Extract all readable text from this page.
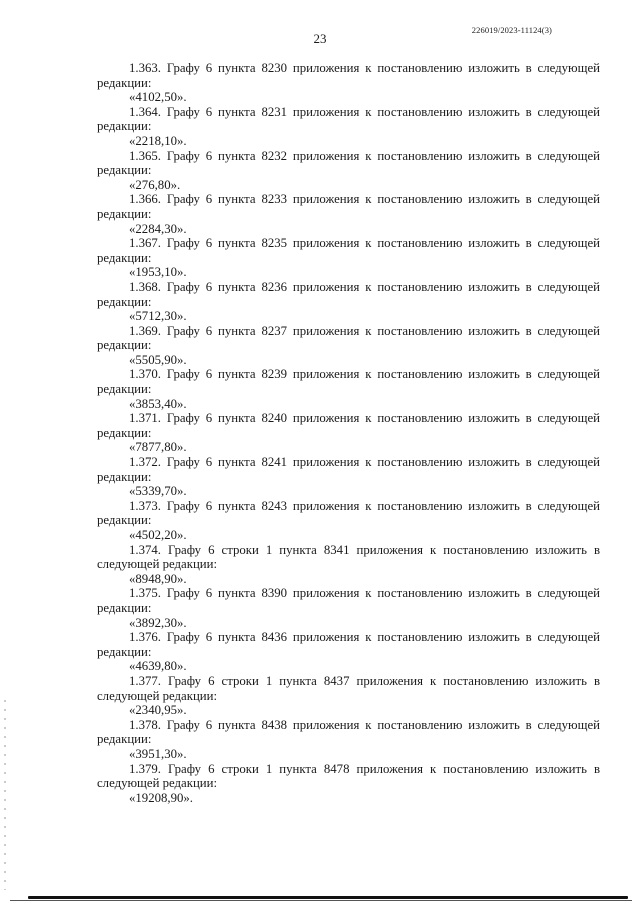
226019/2023-11124(3)
23

1.363. Графу 6 пункта 8230 приложения к постановлению изложить в следующей редакции:

«4102,50».

1.364. Графу 6 пункта 8231 приложения к постановлению изложить в следующей редакции:

«2218,10».

1.365. Графу 6 пункта 8232 приложения к постановлению изложить в следующей редакции:

«276,80».

1.366. Графу 6 пункта 8233 приложения к постановлению изложить в следующей редакции:

«2284,30».

1.367. Графу 6 пункта 8235 приложения к постановлению изложить в следующей редакции:

«1953,10».

1.368. Графу 6 пункта 8236 приложения к постановлению изложить в следующей редакции:

«5712,30».

1.369. Графу 6 пункта 8237 приложения к постановлению изложить в следующей редакции:

«5505,90».

1.370. Графу 6 пункта 8239 приложения к постановлению изложить в следующей редакции:

«3853,40».

1.371. Графу 6 пункта 8240 приложения к постановлению изложить в следующей редакции:

«7877,80».

1.372. Графу 6 пункта 8241 приложения к постановлению изложить в следующей редакции:

«5339,70».

1.373. Графу 6 пункта 8243 приложения к постановлению изложить в следующей редакции:

«4502,20».

1.374. Графу 6 строки 1 пункта 8341 приложения к постановлению изложить в следующей редакции:

«8948,90».

1.375. Графу 6 пункта 8390 приложения к постановлению изложить в следующей редакции:

«3892,30».

1.376. Графу 6 пункта 8436 приложения к постановлению изложить в следующей редакции:

«4639,80».

1.377. Графу 6 строки 1 пункта 8437 приложения к постановлению изложить в следующей редакции:

«2340,95».

1.378. Графу 6 пункта 8438 приложения к постановлению изложить в следующей редакции:

«3951,30».

1.379. Графу 6 строки 1 пункта 8478 приложения к постановлению изложить в следующей редакции:

«19208,90».
